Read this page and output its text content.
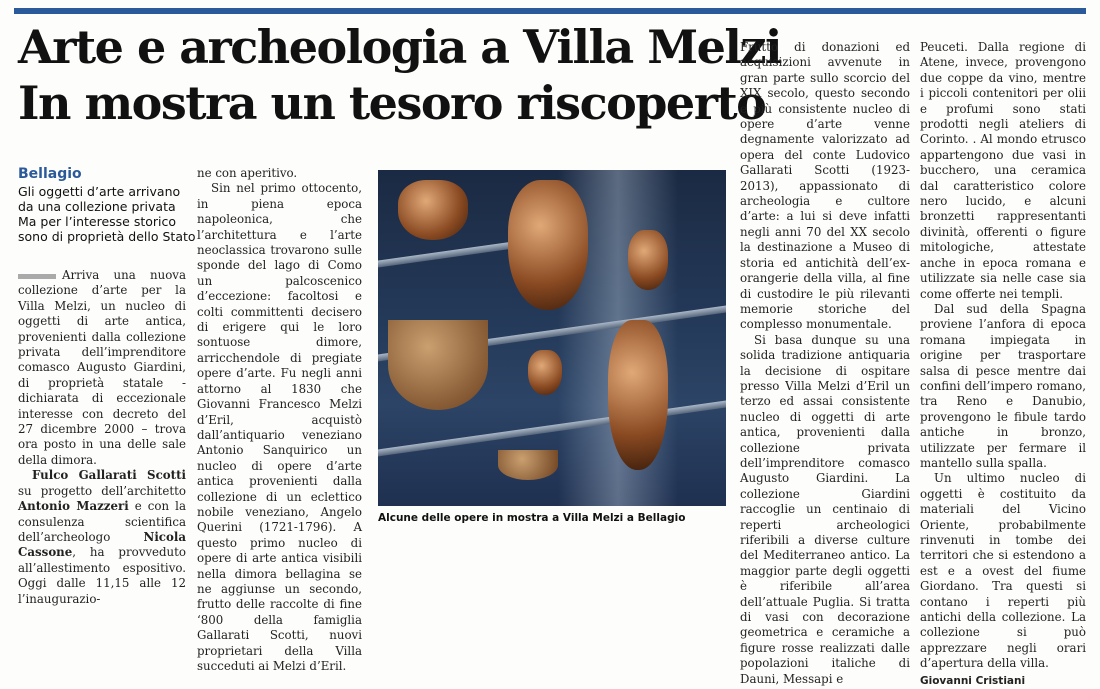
Arte e archeologia a Villa Melzi
In mostra un tesoro riscoperto
Bellagio
Gli oggetti d’arte arrivano
da una collezione privata
Ma per l’interesse storico
sono di proprietà dello Stato

Arriva una nuova collezione d’arte per la Villa Melzi, un nucleo di oggetti di arte antica, provenienti dalla collezione privata dell’imprenditore comasco Augusto Giardini, di proprietà statale - dichiarata di eccezionale interesse con decreto del 27 dicembre 2000 – trova ora posto in una delle sale della dimora.

Fulco Gallarati Scotti su progetto dell’architetto Antonio Mazzeri e con la consulenza scientifica dell’archeologo Nicola Cassone, ha provveduto all’allestimento espositivo. Oggi dalle 11,15 alle 12 l’inaugurazio-

ne con aperitivo.

Sin nel primo ottocento, in piena epoca napoleonica, che l’architettura e l’arte neoclassica trovarono sulle sponde del lago di Como un palcoscenico d’eccezione: facoltosi e colti committenti decisero di erigere qui le loro sontuose dimore, arricchendole di pregiate opere d’arte. Fu negli anni attorno al 1830 che Giovanni Francesco Melzi d’Eril, acquistò dall’antiquario veneziano Antonio Sanquirico un nucleo di opere d’arte antica provenienti dalla collezione di un eclettico nobile veneziano, Angelo Querini (1721-1796). A questo primo nucleo di opere di arte antica visibili nella dimora bellagina se ne aggiunse un secondo, frutto delle raccolte di fine ‘800 della famiglia Gallarati Scotti, nuovi proprietari della Villa succeduti ai Melzi d’Eril.

Alcune delle opere in mostra a Villa Melzi a Bellagio

Frutto di donazioni ed acquisizioni avvenute in gran parte sullo scorcio del XIX secolo, questo secondo e più consistente nucleo di opere d’arte venne degnamente valorizzato ad opera del conte Ludovico Gallarati Scotti (1923-2013), appassionato di archeologia e cultore d’arte: a lui si deve infatti negli anni 70 del XX secolo la destinazione a Museo di storia ed antichità dell’ex-orangerie della villa, al fine di custodire le più rilevanti memorie storiche del complesso monumentale.

Si basa dunque su una solida tradizione antiquaria la decisione di ospitare presso Villa Melzi d’Eril un terzo ed assai consistente nucleo di oggetti di arte antica, provenienti dalla collezione privata dell’imprenditore comasco Augusto Giardini. La collezione Giardini raccoglie un centinaio di reperti archeologici riferibili a diverse culture del Mediterraneo antico. La maggior parte degli oggetti è riferibile all’area dell’attuale Puglia. Si tratta di vasi con decorazione geometrica e ceramiche a figure rosse realizzati dalle popolazioni italiche di Dauni, Messapi e

Peuceti. Dalla regione di Atene, invece, provengono due coppe da vino, mentre i piccoli contenitori per olii e profumi sono stati prodotti negli ateliers di Corinto. . Al mondo etrusco appartengono due vasi in bucchero, una ceramica dal caratteristico colore nero lucido, e alcuni bronzetti rappresentanti divinità, offerenti o figure mitologiche, attestate anche in epoca romana e utilizzate sia nelle case sia come offerte nei templi.

Dal sud della Spagna proviene l’anfora di epoca romana impiegata in origine per trasportare salsa di pesce mentre dai confini dell’impero romano, tra Reno e Danubio, provengono le fibule tardo antiche in bronzo, utilizzate per fermare il mantello sulla spalla.

Un ultimo nucleo di oggetti è costituito da materiali del Vicino Oriente, probabilmente rinvenuti in tombe dei territori che si estendono a est e a ovest del fiume Giordano. Tra questi si contano i reperti più antichi della collezione. La collezione si può apprezzare negli orari d’apertura della villa.

Giovanni Cristiani
